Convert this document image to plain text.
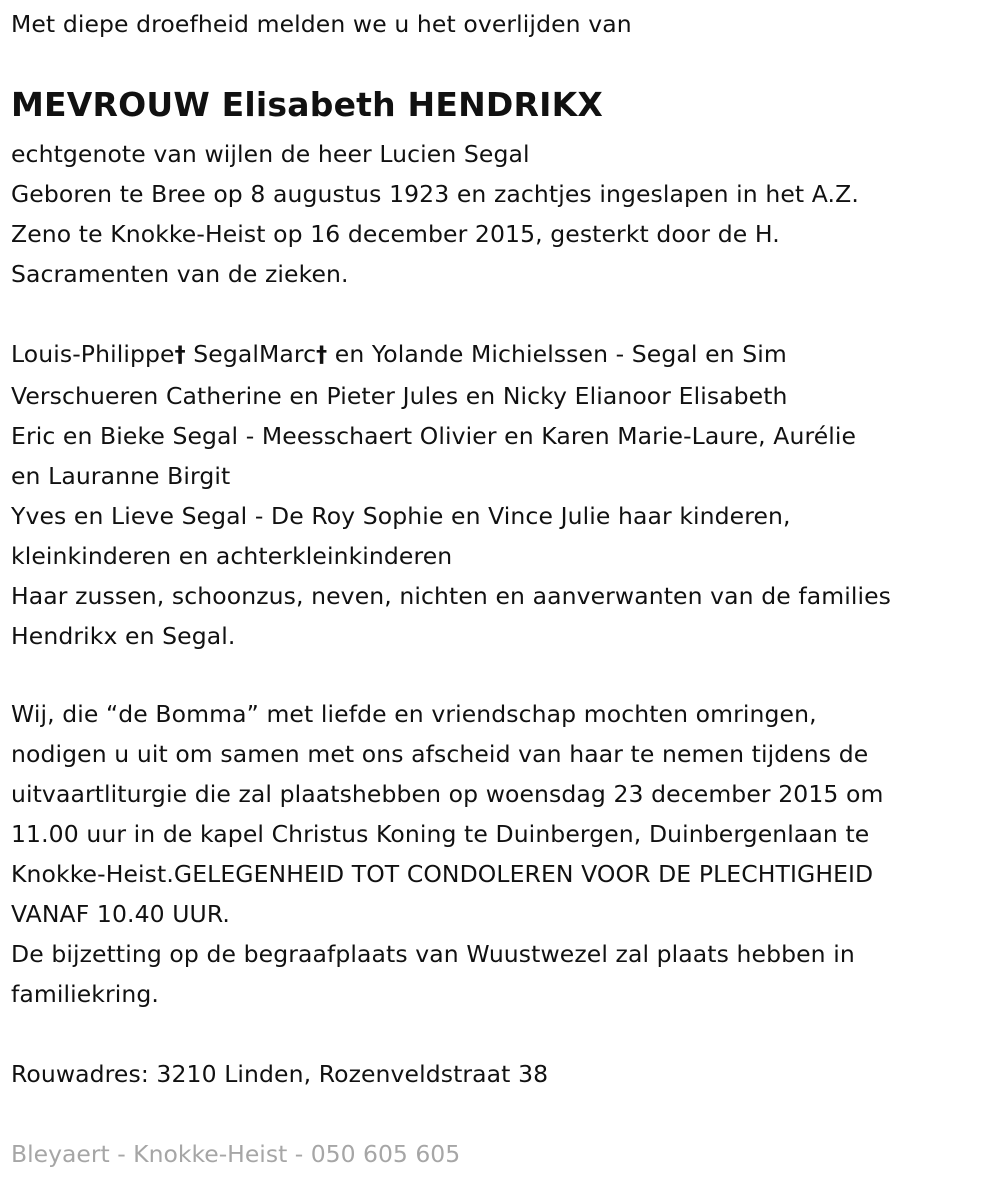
Met diepe droefheid melden we u het overlijden van
MEVROUW Elisabeth HENDRIKX
echtgenote van wijlen de heer Lucien Segal
Geboren te Bree op 8 augustus 1923 en zachtjes ingeslapen in het A.Z.
Zeno te Knokke-Heist op 16 december 2015, gesterkt door de H.
Sacramenten van de zieken.
Louis-Philippe† SegalMarc† en Yolande Michielssen - Segal en Sim
Verschueren Catherine en Pieter Jules en Nicky Elianoor Elisabeth
Eric en Bieke Segal - Meesschaert Olivier en Karen Marie-Laure, Aurélie
en Lauranne Birgit
Yves en Lieve Segal - De Roy Sophie en Vince Julie haar kinderen,
kleinkinderen en achterkleinkinderen
Haar zussen, schoonzus, neven, nichten en aanverwanten van de families
Hendrikx en Segal.
Wij, die “de Bomma” met liefde en vriendschap mochten omringen,
nodigen u uit om samen met ons afscheid van haar te nemen tijdens de
uitvaartliturgie die zal plaatshebben op woensdag 23 december 2015 om
11.00 uur in de kapel Christus Koning te Duinbergen, Duinbergenlaan te
Knokke-Heist.GELEGENHEID TOT CONDOLEREN VOOR DE PLECHTIGHEID
VANAF 10.40 UUR.
De bijzetting op de begraafplaats van Wuustwezel zal plaats hebben in
familiekring.
Rouwadres: 3210 Linden, Rozenveldstraat 38
Bleyaert - Knokke-Heist - 050 605 605
